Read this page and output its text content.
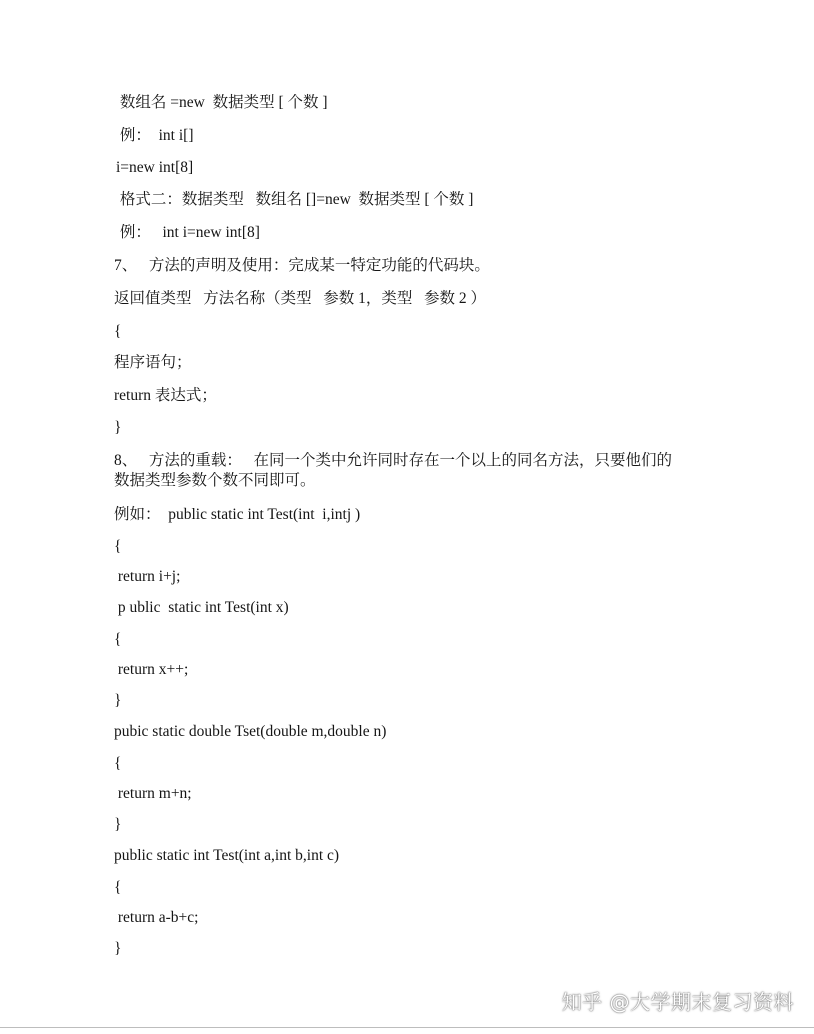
数组名 =new  数据类型 [ 个数 ]
例：  int i[]
i=new int[8]
格式二：数据类型   数组名 []=new  数据类型 [ 个数 ]
例：   int i=new int[8]
7、   方法的声明及使用：完成某一特定功能的代码块。
返回值类型   方法名称（类型   参数 1，类型   参数 2 ）
{
程序语句；
return 表达式；
}
8、   方法的重载：   在同一个类中允许同时存在一个以上的同名方法，只要他们的
数据类型参数个数不同即可。
例如：  public static int Test(int  i,intj )
{
return i+j;
p ublic  static int Test(int x)
{
return x++;
}
pubic static double Tset(double m,double n)
{
return m+n;
}
public static int Test(int a,int b,int c)
{
return a-b+c;
}
知乎 @大学期末复习资料
